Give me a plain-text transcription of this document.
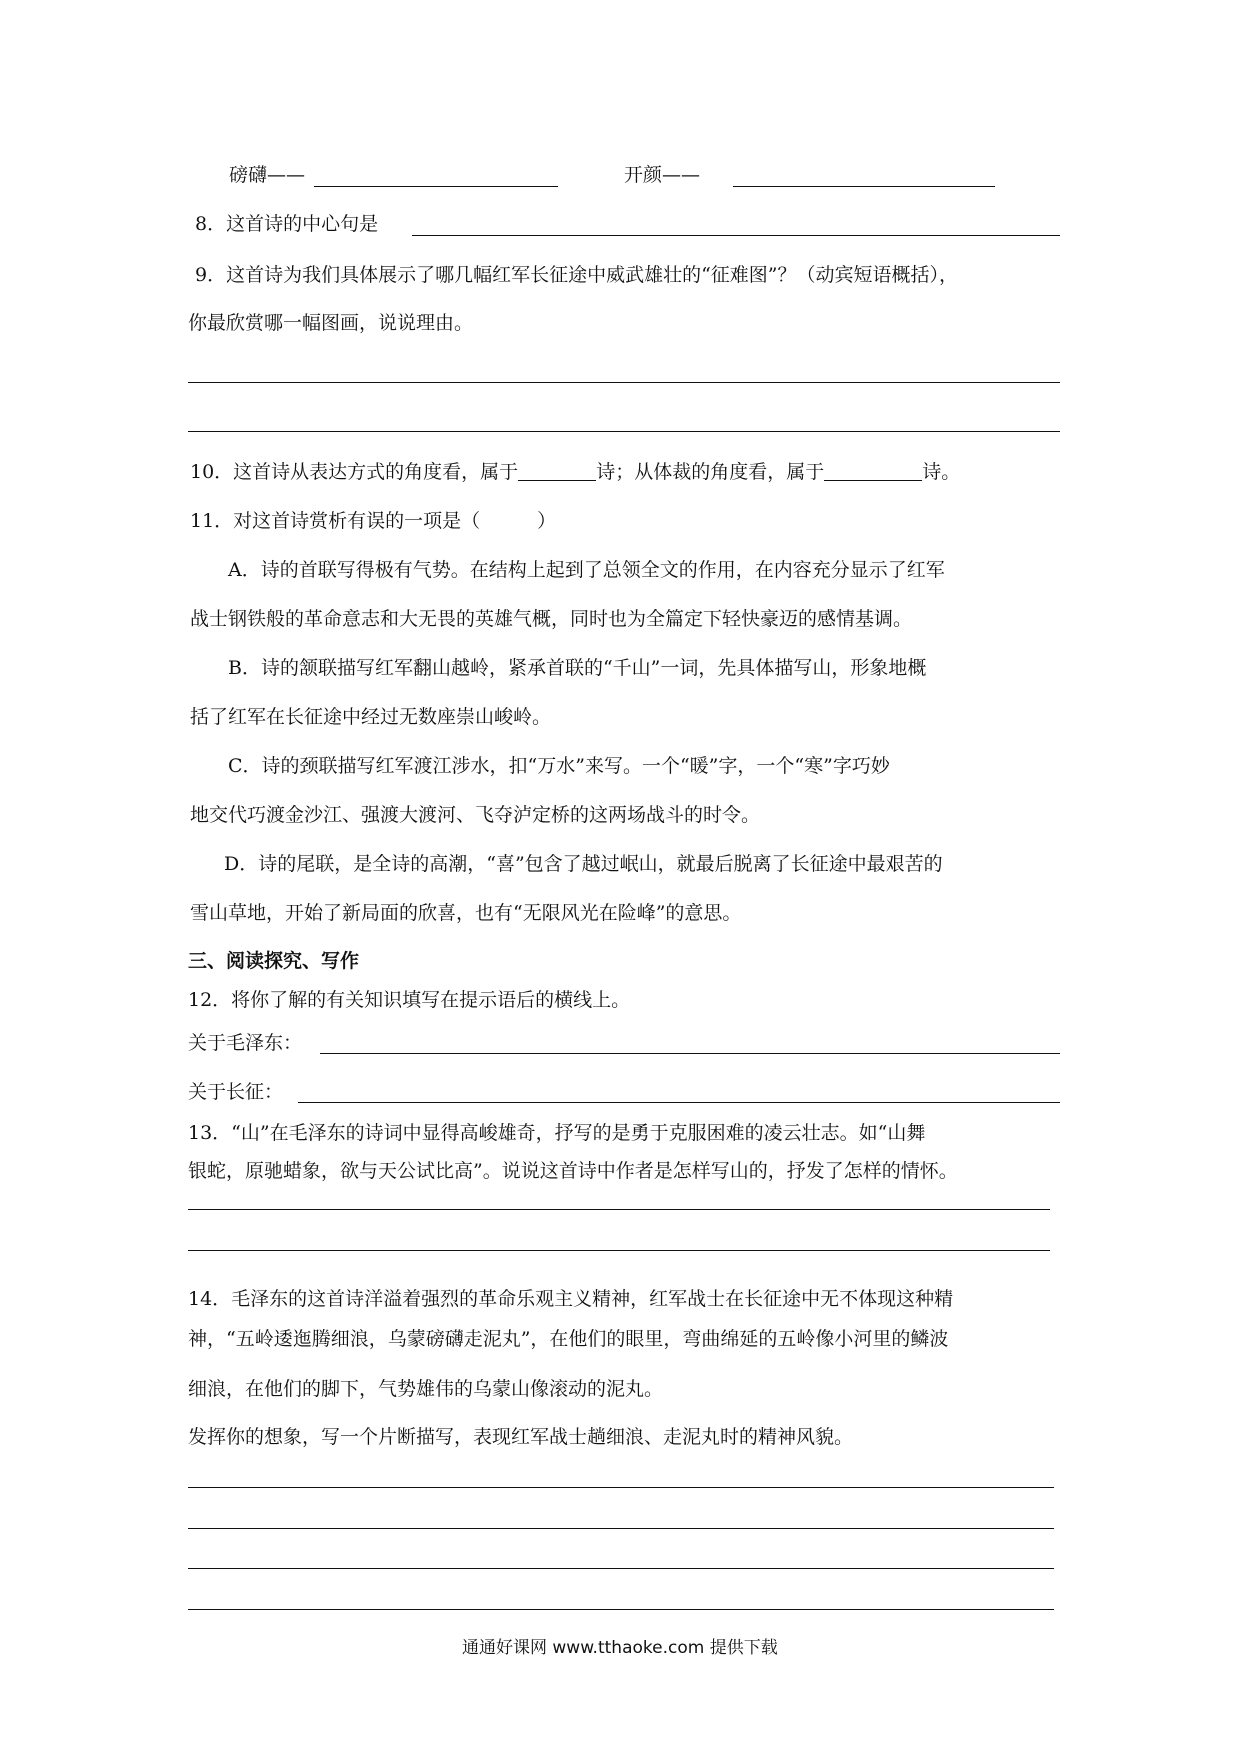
磅礴——	开颜——
8．这首诗的中心句是
9．这首诗为我们具体展示了哪几幅红军长征途中威武雄壮的“征难图”？（动宾短语概括），
你最欣赏哪一幅图画，说说理由。
10．这首诗从表达方式的角度看，属于	诗；从体裁的角度看，属于	诗。
11．对这首诗赏析有误的一项是（　　　）
A．诗的首联写得极有气势。在结构上起到了总领全文的作用，在内容充分显示了红军
战士钢铁般的革命意志和大无畏的英雄气概，同时也为全篇定下轻快豪迈的感情基调。
B．诗的颔联描写红军翻山越岭，紧承首联的“千山”一词，先具体描写山，形象地概
括了红军在长征途中经过无数座崇山峻岭。
C．诗的颈联描写红军渡江涉水，扣“万水”来写。一个“暖”字，一个“寒”字巧妙
地交代巧渡金沙江、强渡大渡河、飞夺泸定桥的这两场战斗的时令。
D．诗的尾联，是全诗的高潮，“喜”包含了越过岷山，就最后脱离了长征途中最艰苦的
雪山草地，开始了新局面的欣喜，也有“无限风光在险峰”的意思。
三、阅读探究、写作
12．将你了解的有关知识填写在提示语后的横线上。
关于毛泽东：
关于长征：
13．“山”在毛泽东的诗词中显得高峻雄奇，抒写的是勇于克服困难的凌云壮志。如“山舞
银蛇，原驰蜡象，欲与天公试比高”。说说这首诗中作者是怎样写山的，抒发了怎样的情怀。
14．毛泽东的这首诗洋溢着强烈的革命乐观主义精神，红军战士在长征途中无不体现这种精
神，“五岭逶迤腾细浪，乌蒙磅礴走泥丸”，在他们的眼里，弯曲绵延的五岭像小河里的鳞波
细浪，在他们的脚下，气势雄伟的乌蒙山像滚动的泥丸。
发挥你的想象，写一个片断描写，表现红军战士趟细浪、走泥丸时的精神风貌。
通通好课网 www.tthaoke.com 提供下载
